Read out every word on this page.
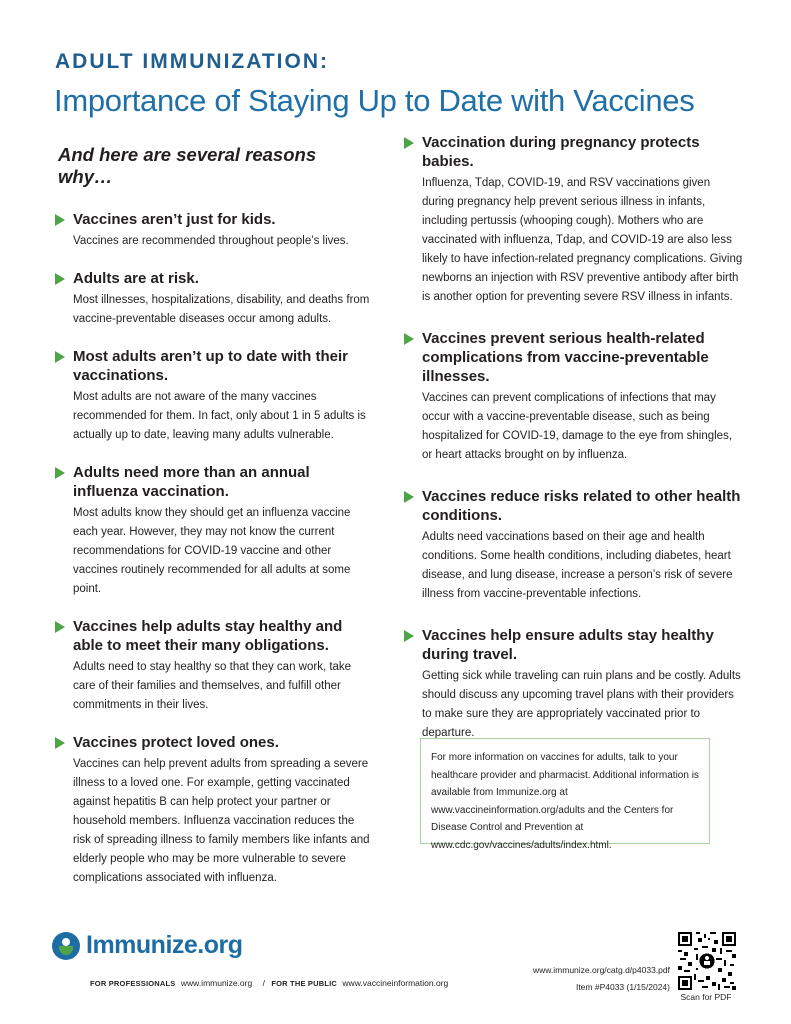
ADULT IMMUNIZATION:
Importance of Staying Up to Date with Vaccines
And here are several reasons why…
Vaccines aren’t just for kids.
Vaccines are recommended throughout people’s lives.
Adults are at risk.
Most illnesses, hospitalizations, disability, and deaths from vaccine-preventable diseases occur among adults.
Most adults aren’t up to date with their vaccinations.
Most adults are not aware of the many vaccines recommended for them. In fact, only about 1 in 5 adults is actually up to date, leaving many adults vulnerable.
Adults need more than an annual influenza vaccination.
Most adults know they should get an influenza vaccine each year. However, they may not know the current recommendations for COVID-19 vaccine and other vaccines routinely recommended for all adults at some point.
Vaccines help adults stay healthy and able to meet their many obligations.
Adults need to stay healthy so that they can work, take care of their families and themselves, and fulfill other commitments in their lives.
Vaccines protect loved ones.
Vaccines can help prevent adults from spreading a severe illness to a loved one. For example, getting vaccinated against hepatitis B can help protect your partner or household members. Influenza vaccination reduces the risk of spreading illness to family members like infants and elderly people who may be more vulnerable to severe complications associated with influenza.
Vaccination during pregnancy protects babies.
Influenza, Tdap, COVID-19, and RSV vaccinations given during pregnancy help prevent serious illness in infants, including pertussis (whooping cough). Mothers who are vaccinated with influenza, Tdap, and COVID-19 are also less likely to have infection-related pregnancy complications. Giving newborns an injection with RSV preventive antibody after birth is another option for preventing severe RSV illness in infants.
Vaccines prevent serious health-related complications from vaccine-preventable illnesses.
Vaccines can prevent complications of infections that may occur with a vaccine-preventable disease, such as being hospitalized for COVID-19, damage to the eye from shingles, or heart attacks brought on by influenza.
Vaccines reduce risks related to other health conditions.
Adults need vaccinations based on their age and health conditions. Some health conditions, including diabetes, heart disease, and lung disease, increase a person’s risk of severe illness from vaccine-preventable infections.
Vaccines help ensure adults stay healthy during travel.
Getting sick while traveling can ruin plans and be costly. Adults should discuss any upcoming travel plans with their providers to make sure they are appropriately vaccinated prior to departure.
For more information on vaccines for adults, talk to your healthcare provider and pharmacist. Additional information is available from Immunize.org at www.vaccineinformation.org/adults and the Centers for Disease Control and Prevention at www.cdc.gov/vaccines/adults/index.html.
Immunize.org
FOR PROFESSIONALS www.immunize.org / FOR THE PUBLIC www.vaccineinformation.org
www.immunize.org/catg.d/p4033.pdf
Item #P4033 (1/15/2024)
Scan for PDF
